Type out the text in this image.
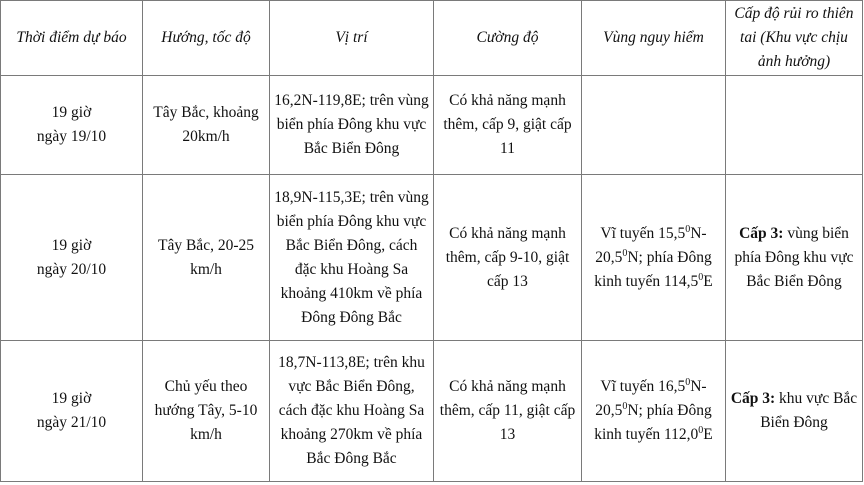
Thời điểm dự báo	Hướng, tốc độ	Vị trí	Cường độ	Vùng nguy hiểm	Cấp độ rủi ro thiên tai (Khu vực chịu ảnh hưởng)

19 giờ
ngày 19/10	Tây Bắc, khoảng 20km/h	16,2N-119,8E; trên vùng biển phía Đông khu vực Bắc Biển Đông	Có khả năng mạnh thêm, cấp 9, giật cấp 11		

19 giờ
ngày 20/10	Tây Bắc, 20-25 km/h	18,9N-115,3E; trên vùng biển phía Đông khu vực Bắc Biển Đông, cách đặc khu Hoàng Sa khoảng 410km về phía Đông Đông Bắc	Có khả năng mạnh thêm, cấp 9-10, giật cấp 13	Vĩ tuyến 15,5$^0$N-20,5$^0$N; phía Đông kinh tuyến 114,5$^0$E	Cấp 3: vùng biển phía Đông khu vực Bắc Biển Đông

19 giờ
ngày 21/10	Chủ yếu theo hướng Tây, 5-10 km/h	18,7N-113,8E; trên khu vực Bắc Biển Đông, cách đặc khu Hoàng Sa khoảng 270km về phía Bắc Đông Bắc	Có khả năng mạnh thêm, cấp 11, giật cấp 13	Vĩ tuyến 16,5$^0$N-20,5$^0$N; phía Đông kinh tuyến 112,0$^0$E	Cấp 3: khu vực Bắc Biển Đông
